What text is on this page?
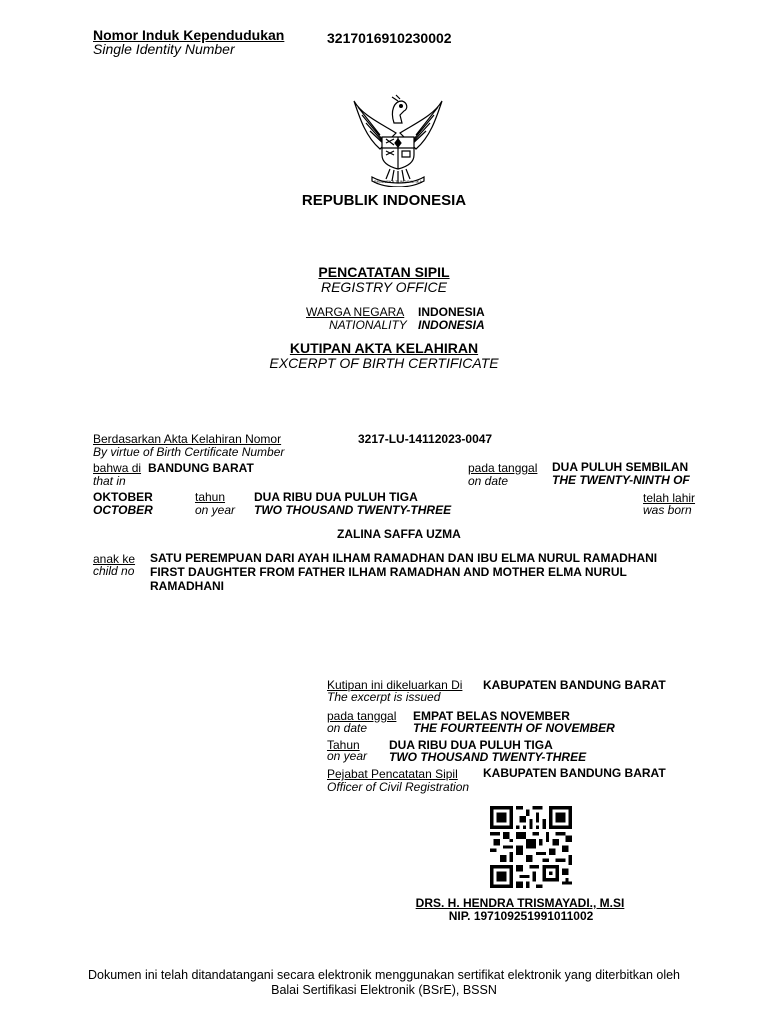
Nomor Induk Kependudukan
Single Identity Number
3217016910230002
BHINNEKA TUNGGAL IKA
REPUBLIK INDONESIA
PENCATATAN SIPIL
REGISTRY OFFICE
WARGA NEGARA
NATIONALITY
INDONESIA
INDONESIA
KUTIPAN AKTA KELAHIRAN
EXCERPT OF BIRTH CERTIFICATE
Berdasarkan Akta Kelahiran Nomor
By virtue of Birth Certificate Number
3217-LU-14112023-0047
bahwa di BANDUNG BARAT
that in
pada tanggal
on date
DUA PULUH SEMBILAN
THE TWENTY-NINTH OF
OKTOBER
OCTOBER
tahun
on year
DUA RIBU DUA PULUH TIGA
TWO THOUSAND TWENTY-THREE
telah lahir
was born
ZALINA SAFFA UZMA
anak ke
child no
SATU PEREMPUAN DARI AYAH ILHAM RAMADHAN DAN IBU ELMA NURUL RAMADHANI
FIRST DAUGHTER FROM FATHER ILHAM RAMADHAN AND MOTHER ELMA NURUL
RAMADHANI
Kutipan ini dikeluarkan Di
The excerpt is issued
KABUPATEN BANDUNG BARAT
pada tanggal
on date
EMPAT BELAS NOVEMBER
THE FOURTEENTH OF NOVEMBER
Tahun
on year
DUA RIBU DUA PULUH TIGA
TWO THOUSAND TWENTY-THREE
Pejabat Pencatatan Sipil
Officer of Civil Registration
KABUPATEN BANDUNG BARAT
DRS. H. HENDRA TRISMAYADI., M.SI
NIP. 197109251991011002
Dokumen ini telah ditandatangani secara elektronik menggunakan sertifikat elektronik yang diterbitkan oleh
Balai Sertifikasi Elektronik (BSrE), BSSN
